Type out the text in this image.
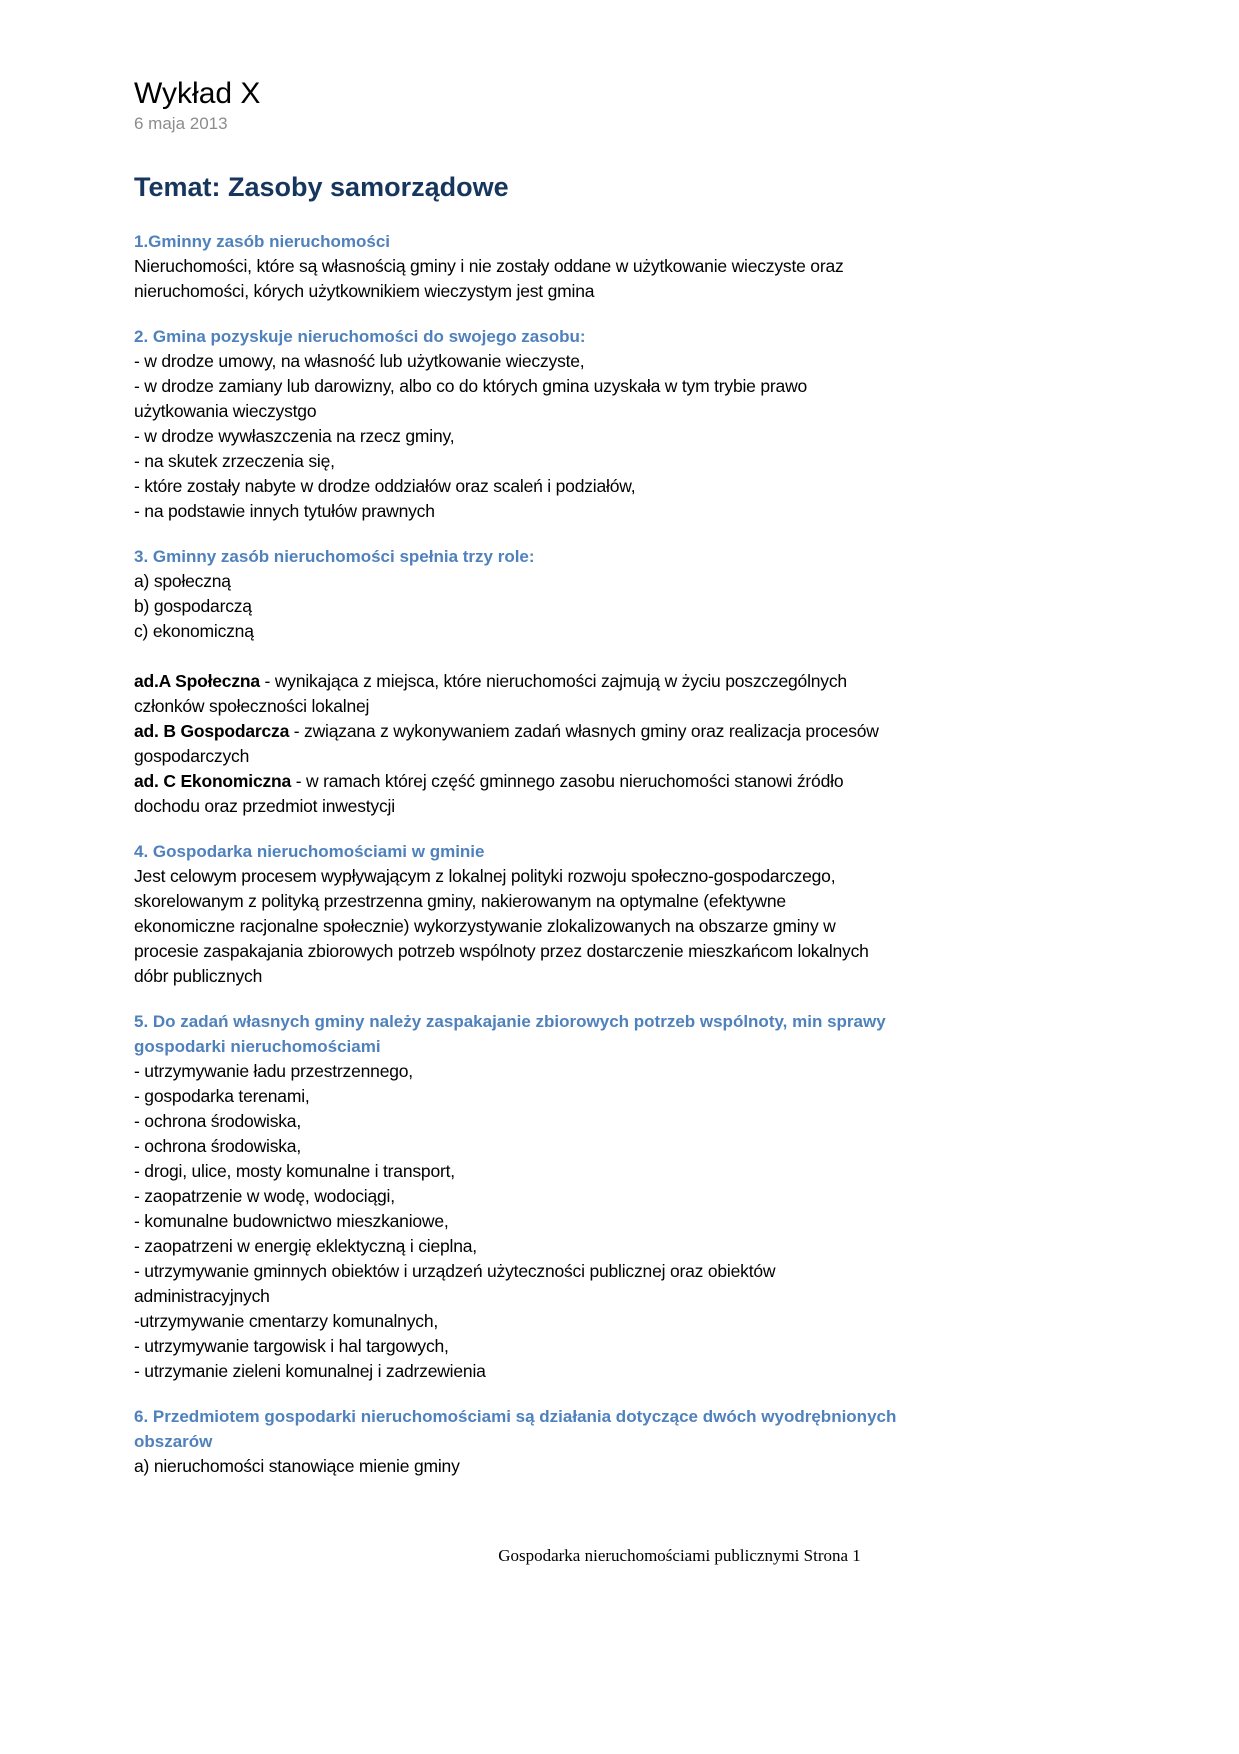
Wykład X
6 maja 2013
Temat: Zasoby samorządowe
1.Gminny zasób nieruchomości
Nieruchomości, które są własnością gminy i nie zostały oddane w użytkowanie wieczyste oraz
nieruchomości, kórych użytkownikiem wieczystym jest gmina
2. Gmina pozyskuje nieruchomości do swojego zasobu:
- w drodze umowy, na własność lub użytkowanie wieczyste,
- w drodze zamiany lub darowizny, albo co do których gmina uzyskała w tym trybie prawo
użytkowania wieczystgo
- w drodze wywłaszczenia na rzecz gminy,
- na skutek zrzeczenia się,
- które zostały nabyte w drodze oddziałów oraz scaleń i podziałów,
- na podstawie innych tytułów prawnych
3. Gminny zasób nieruchomości spełnia trzy role:
a) społeczną
b) gospodarczą
c) ekonomiczną
ad.A Społeczna - wynikająca z miejsca, które nieruchomości zajmują w życiu poszczególnych
członków społeczności lokalnej
ad. B Gospodarcza - związana z wykonywaniem zadań własnych gminy oraz realizacja procesów
gospodarczych
ad. C Ekonomiczna - w ramach której część gminnego zasobu nieruchomości stanowi źródło
dochodu oraz przedmiot inwestycji
4. Gospodarka nieruchomościami w gminie
Jest celowym procesem wypływającym z lokalnej polityki rozwoju społeczno-gospodarczego,
skorelowanym z polityką przestrzenna gminy, nakierowanym na optymalne (efektywne
ekonomiczne racjonalne społecznie) wykorzystywanie zlokalizowanych na obszarze gminy w
procesie zaspakajania zbiorowych potrzeb wspólnoty przez dostarczenie mieszkańcom lokalnych
dóbr publicznych
5. Do zadań własnych gminy należy zaspakajanie zbiorowych potrzeb wspólnoty, min sprawy
gospodarki nieruchomościami
- utrzymywanie ładu przestrzennego,
- gospodarka terenami,
- ochrona środowiska,
- ochrona środowiska,
- drogi, ulice, mosty komunalne i transport,
- zaopatrzenie w wodę, wodociągi,
- komunalne budownictwo mieszkaniowe,
- zaopatrzeni w energię eklektyczną i cieplna,
- utrzymywanie gminnych obiektów i urządzeń użyteczności publicznej oraz obiektów
administracyjnych
-utrzymywanie cmentarzy komunalnych,
- utrzymywanie targowisk i hal targowych,
- utrzymanie zieleni komunalnej i zadrzewienia
6. Przedmiotem gospodarki nieruchomościami są działania dotyczące dwóch wyodrębnionych
obszarów
a) nieruchomości stanowiące mienie gminy
Gospodarka nieruchomościami publicznymi Strona 1
